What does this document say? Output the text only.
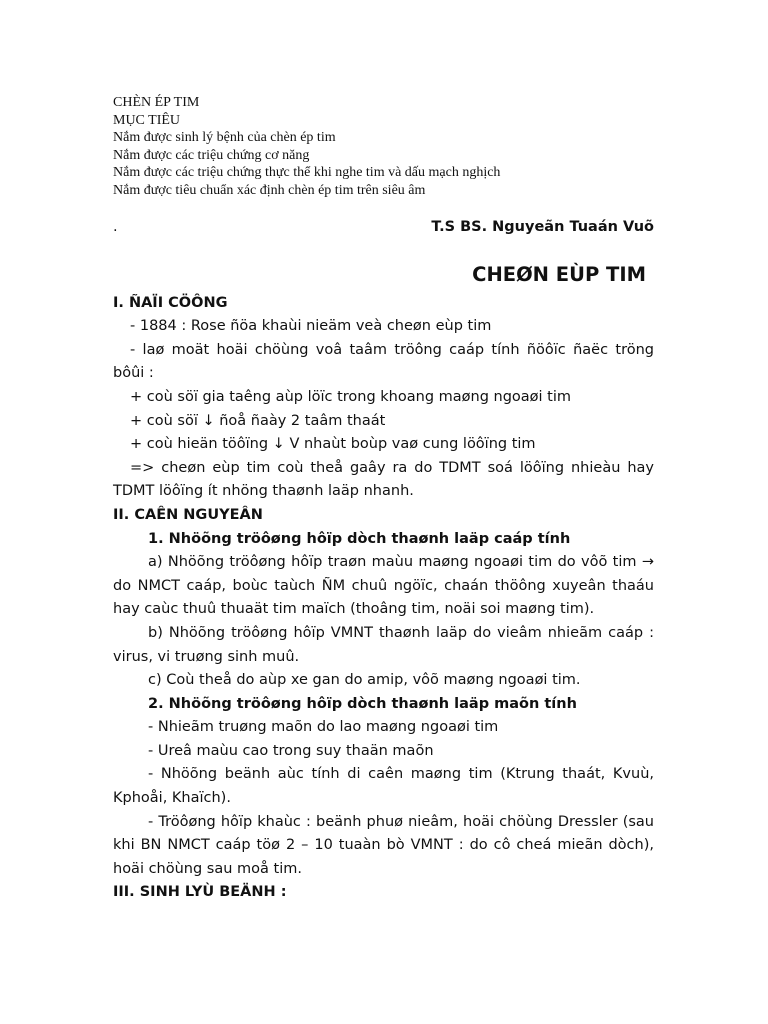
CHÈN ÉP TIM
MỤC TIÊU
Nắm được sinh lý bệnh của chèn ép tim
Nắm được các triệu chứng cơ năng
Nắm được các triệu chứng thực thể khi nghe tim và dấu mạch nghịch
Nắm được tiêu chuẩn xác định chèn ép tim trên siêu âm
.	T.S BS. Nguyeãn Tuaán Vuõ
CHEØN EÙP TIM
I. ÑAÏI CÖÔNG

- 1884 : Rose ñöa khaùi nieäm veà cheøn eùp tim

- laø moät hoäi chöùng voâ taâm tröông caáp tính ñöôïc ñaëc tröng bôûi :

+ coù söï gia taêng aùp löïc trong khoang maøng ngoaøi tim

+ coù söï ↓ ñoå ñaày 2 taâm thaát

+ coù hieän töôïng ↓ V nhaùt boùp vaø cung löôïng tim

=> cheøn eùp tim coù theå gaây ra do TDMT soá löôïng nhieàu hay TDMT löôïng ít nhöng thaønh laäp nhanh.

II. CAÊN NGUYEÂN
1. Nhöõng tröôøng hôïp dòch thaønh laäp caáp tính

a) Nhöõng tröôøng hôïp traøn maùu maøng ngoaøi tim do vôõ tim → do NMCT caáp, boùc taùch ÑM chuû ngöïc, chaán thöông xuyeân thaáu hay caùc thuû thuaät tim maïch (thoâng tim, noäi soi maøng tim).

b) Nhöõng tröôøng hôïp VMNT thaønh laäp do vieâm nhieãm caáp : virus, vi truøng sinh muû.

c) Coù theå do aùp xe gan do amip, vôõ maøng ngoaøi tim.

2. Nhöõng tröôøng hôïp dòch thaønh laäp maõn tính

- Nhieãm truøng maõn do lao maøng ngoaøi tim

- Ureâ maùu cao trong suy thaän maõn

- Nhöõng beänh aùc tính di caên maøng tim (Ktrung thaát, Kvuù, Kphoåi, Khaïch).

- Tröôøng hôïp khaùc : beänh phuø nieâm, hoäi chöùng Dressler (sau khi BN NMCT caáp töø 2 – 10 tuaàn bò VMNT : do cô cheá mieãn dòch), hoäi chöùng sau moå tim.

III. SINH LYÙ BEÄNH :
